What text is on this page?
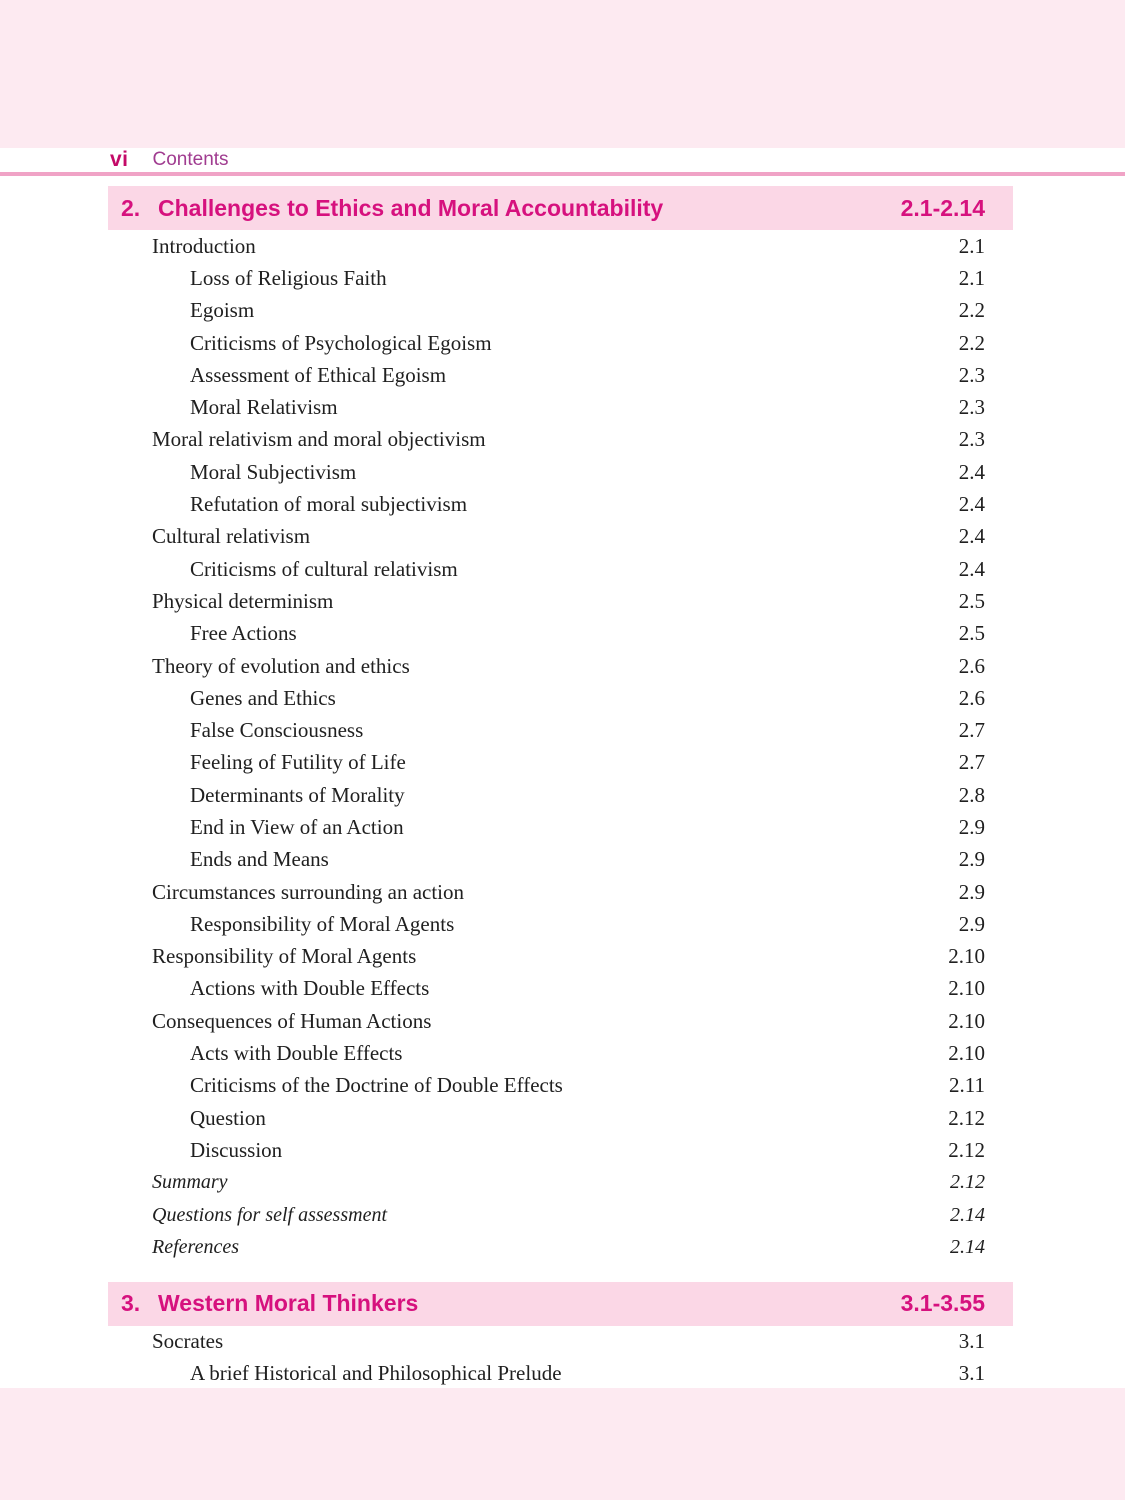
vi Contents
2. Challenges to Ethics and Moral Accountability	2.1-2.14
Introduction	2.1
Loss of Religious Faith	2.1
Egoism	2.2
Criticisms of Psychological Egoism	2.2
Assessment of Ethical Egoism	2.3
Moral Relativism	2.3
Moral relativism and moral objectivism	2.3
Moral Subjectivism	2.4
Refutation of moral subjectivism	2.4
Cultural relativism	2.4
Criticisms of cultural relativism	2.4
Physical determinism	2.5
Free Actions	2.5
Theory of evolution and ethics	2.6
Genes and Ethics	2.6
False Consciousness	2.7
Feeling of Futility of Life	2.7
Determinants of Morality	2.8
End in View of an Action	2.9
Ends and Means	2.9
Circumstances surrounding an action	2.9
Responsibility of Moral Agents	2.9
Responsibility of Moral Agents	2.10
Actions with Double Effects	2.10
Consequences of Human Actions	2.10
Acts with Double Effects	2.10
Criticisms of the Doctrine of Double Effects	2.11
Question	2.12
Discussion	2.12
Summary	2.12
Questions for self assessment	2.14
References	2.14
3. Western Moral Thinkers	3.1-3.55
Socrates	3.1
A brief Historical and Philosophical Prelude	3.1
